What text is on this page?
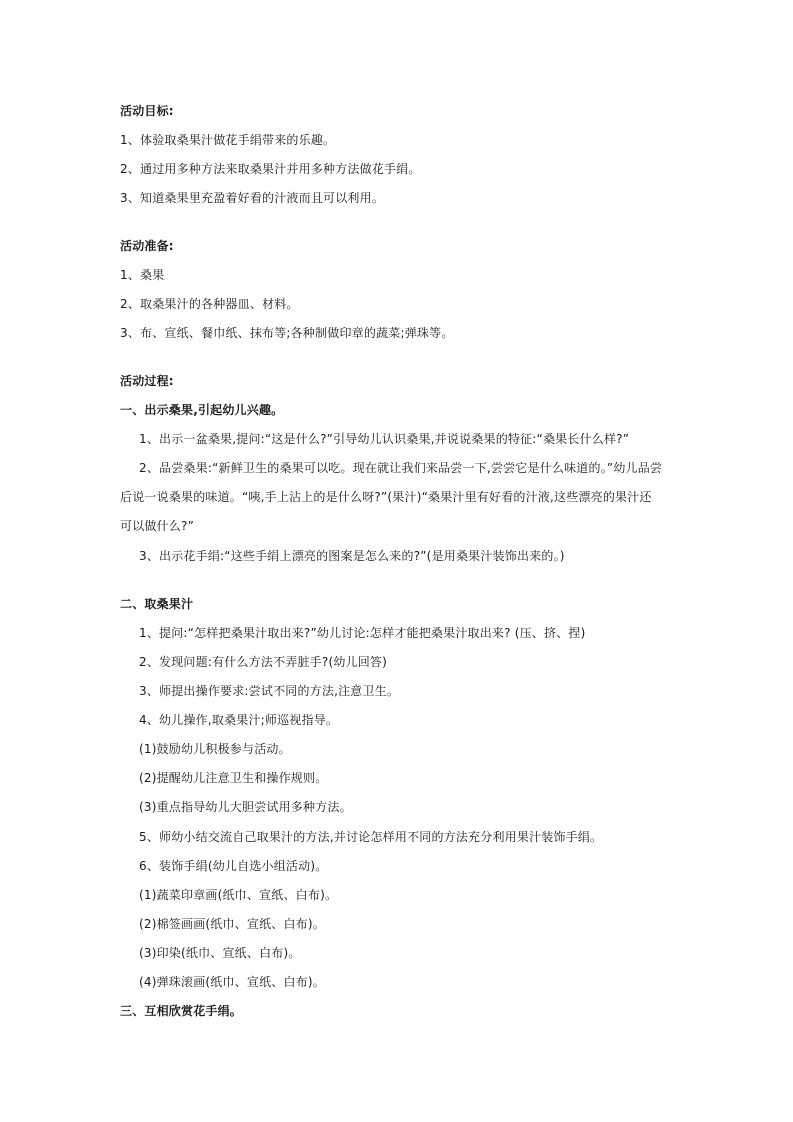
活动目标:
1、体验取桑果汁做花手绢带来的乐趣。
2、通过用多种方法来取桑果汁并用多种方法做花手绢。
3、知道桑果里充盈着好看的汁液而且可以利用。
活动准备:
1、桑果
2、取桑果汁的各种器皿、材料。
3、布、宣纸、餐巾纸、抹布等;各种制做印章的蔬菜;弹珠等。
活动过程:
一、出示桑果,引起幼儿兴趣。
1、出示一盆桑果,提问:“这是什么?”引导幼儿认识桑果,并说说桑果的特征:“桑果长什么样?”
2、品尝桑果:“新鲜卫生的桑果可以吃。现在就让我们来品尝一下,尝尝它是什么味道的。”幼儿品尝
后说一说桑果的味道。“咦,手上沾上的是什么呀?”(果汁)“桑果汁里有好看的汁液,这些漂亮的果汁还
可以做什么?”
3、出示花手绢:“这些手绢上漂亮的图案是怎么来的?”(是用桑果汁装饰出来的。)
二、取桑果汁
1、提问:“怎样把桑果汁取出来?”幼儿讨论:怎样才能把桑果汁取出来? (压、挤、捏)
2、发现问题:有什么方法不弄脏手?(幼儿回答)
3、师提出操作要求:尝试不同的方法,注意卫生。
4、幼儿操作,取桑果汁;师巡视指导。
(1)鼓励幼儿积极参与活动。
(2)提醒幼儿注意卫生和操作规则。
(3)重点指导幼儿大胆尝试用多种方法。
5、师幼小结交流自己取果汁的方法,并讨论怎样用不同的方法充分利用果汁装饰手绢。
6、装饰手绢(幼儿自选小组活动)。
(1)蔬菜印章画(纸巾、宣纸、白布)。
(2)棉签画画(纸巾、宣纸、白布)。
(3)印染(纸巾、宣纸、白布)。
(4)弹珠滚画(纸巾、宣纸、白布)。
三、互相欣赏花手绢。
